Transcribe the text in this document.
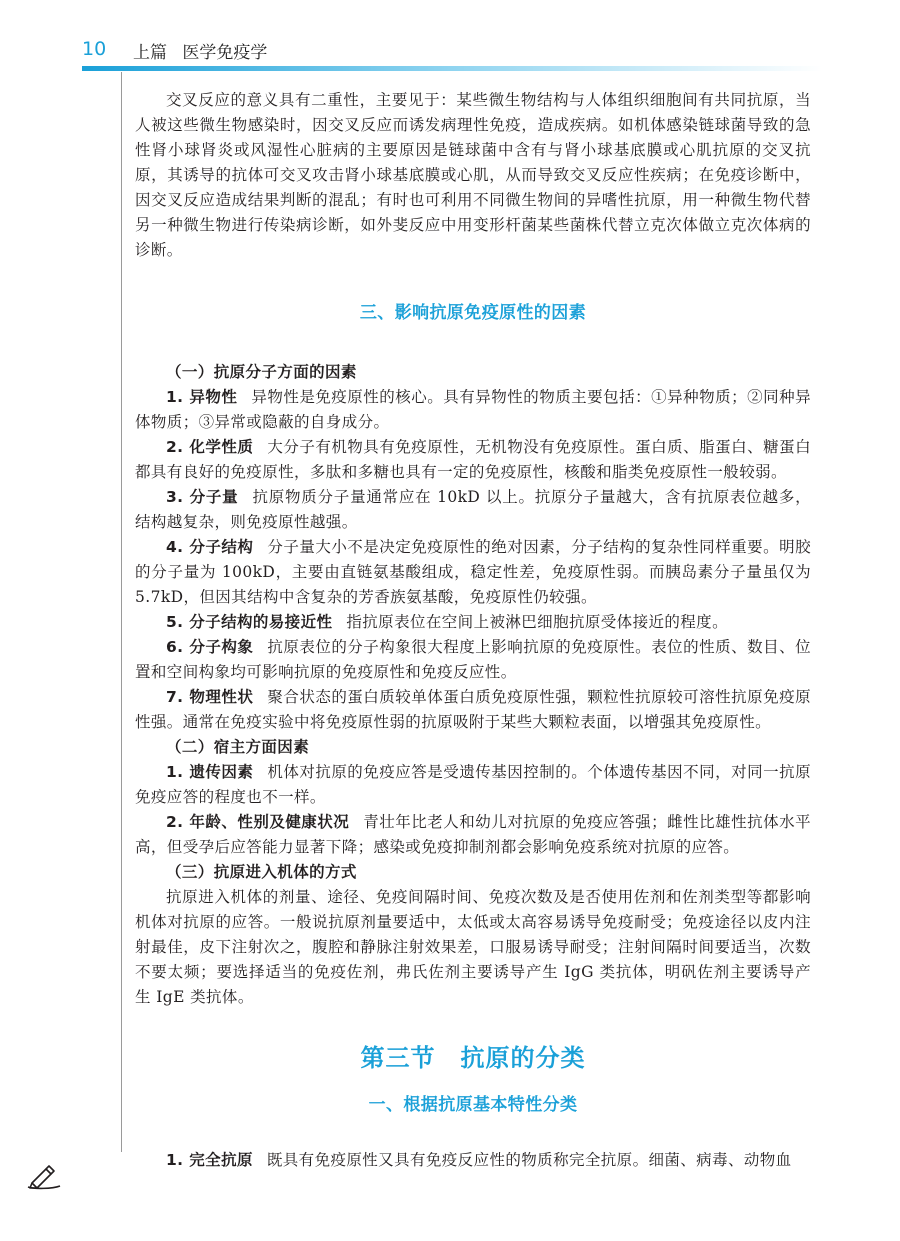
10 上篇 医学免疫学

交叉反应的意义具有二重性，主要见于：某些微生物结构与人体组织细胞间有共同抗原，当人被这些微生物感染时，因交叉反应而诱发病理性免疫，造成疾病。如机体感染链球菌导致的急性肾小球肾炎或风湿性心脏病的主要原因是链球菌中含有与肾小球基底膜或心肌抗原的交叉抗原，其诱导的抗体可交叉攻击肾小球基底膜或心肌，从而导致交叉反应性疾病；在免疫诊断中，因交叉反应造成结果判断的混乱；有时也可利用不同微生物间的异嗜性抗原，用一种微生物代替另一种微生物进行传染病诊断，如外斐反应中用变形杆菌某些菌株代替立克次体做立克次体病的诊断。

三、影响抗原免疫原性的因素

（一）抗原分子方面的因素

1. 异物性 异物性是免疫原性的核心。具有异物性的物质主要包括：①异种物质；②同种异体物质；③异常或隐蔽的自身成分。

2. 化学性质 大分子有机物具有免疫原性，无机物没有免疫原性。蛋白质、脂蛋白、糖蛋白都具有良好的免疫原性，多肽和多糖也具有一定的免疫原性，核酸和脂类免疫原性一般较弱。

3. 分子量 抗原物质分子量通常应在 10kD 以上。抗原分子量越大，含有抗原表位越多，结构越复杂，则免疫原性越强。

4. 分子结构 分子量大小不是决定免疫原性的绝对因素，分子结构的复杂性同样重要。明胶的分子量为 100kD，主要由直链氨基酸组成，稳定性差，免疫原性弱。而胰岛素分子量虽仅为 5.7kD，但因其结构中含复杂的芳香族氨基酸，免疫原性仍较强。

5. 分子结构的易接近性 指抗原表位在空间上被淋巴细胞抗原受体接近的程度。

6. 分子构象 抗原表位的分子构象很大程度上影响抗原的免疫原性。表位的性质、数目、位置和空间构象均可影响抗原的免疫原性和免疫反应性。

7. 物理性状 聚合状态的蛋白质较单体蛋白质免疫原性强，颗粒性抗原较可溶性抗原免疫原性强。通常在免疫实验中将免疫原性弱的抗原吸附于某些大颗粒表面，以增强其免疫原性。

（二）宿主方面因素

1. 遗传因素 机体对抗原的免疫应答是受遗传基因控制的。个体遗传基因不同，对同一抗原免疫应答的程度也不一样。

2. 年龄、性别及健康状况 青壮年比老人和幼儿对抗原的免疫应答强；雌性比雄性抗体水平高，但受孕后应答能力显著下降；感染或免疫抑制剂都会影响免疫系统对抗原的应答。

（三）抗原进入机体的方式

抗原进入机体的剂量、途径、免疫间隔时间、免疫次数及是否使用佐剂和佐剂类型等都影响机体对抗原的应答。一般说抗原剂量要适中，太低或太高容易诱导免疫耐受；免疫途径以皮内注射最佳，皮下注射次之，腹腔和静脉注射效果差，口服易诱导耐受；注射间隔时间要适当，次数不要太频；要选择适当的免疫佐剂，弗氏佐剂主要诱导产生 IgG 类抗体，明矾佐剂主要诱导产生 IgE 类抗体。

第三节　抗原的分类
一、根据抗原基本特性分类

1. 完全抗原 既具有免疫原性又具有免疫反应性的物质称完全抗原。细菌、病毒、动物血
